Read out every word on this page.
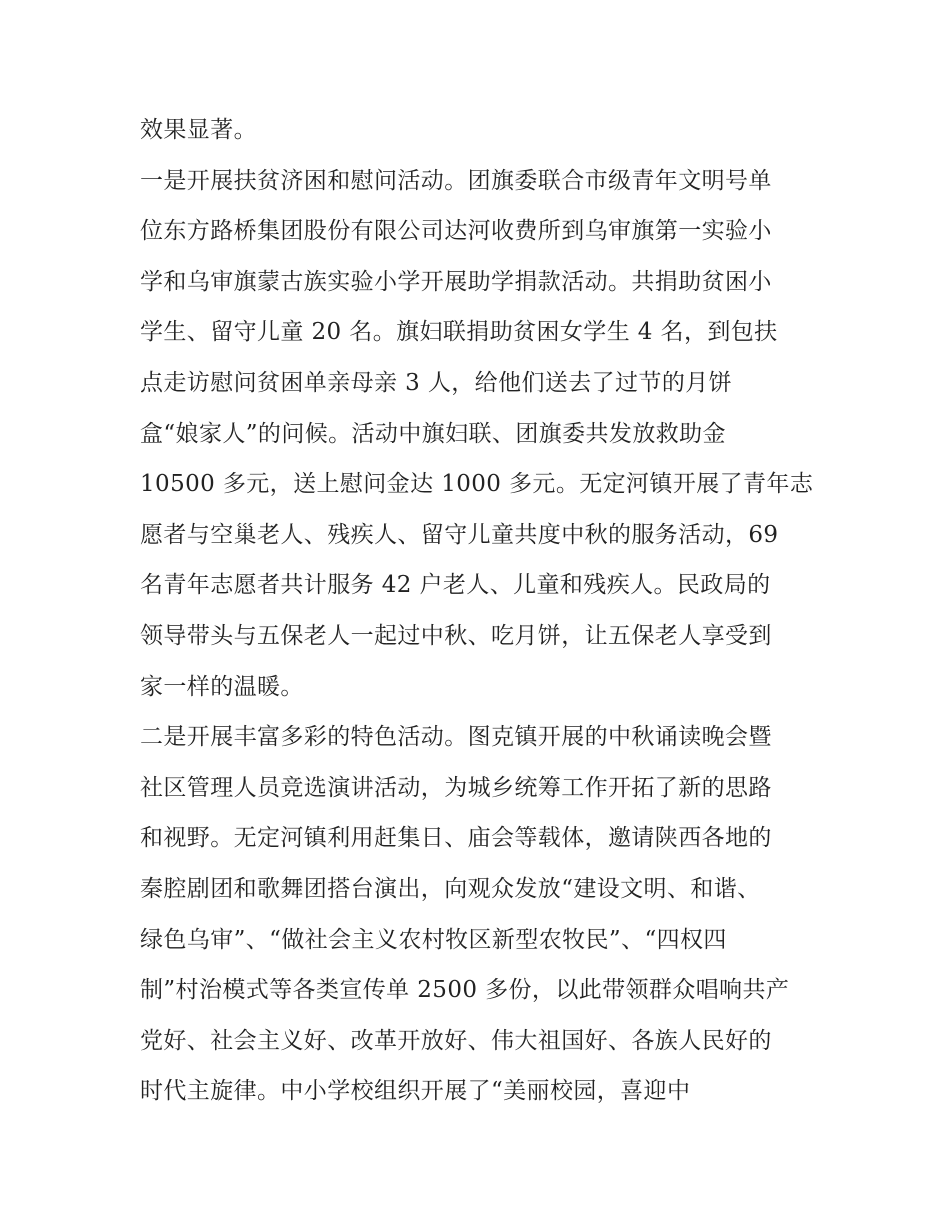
效果显著。
一是开展扶贫济困和慰问活动。团旗委联合市级青年文明号单
位东方路桥集团股份有限公司达河收费所到乌审旗第一实验小
学和乌审旗蒙古族实验小学开展助学捐款活动。共捐助贫困小
学生、留守儿童 20 名。旗妇联捐助贫困女学生 4 名，到包扶
点走访慰问贫困单亲母亲 3 人，给他们送去了过节的月饼
盒“娘家人”的问候。活动中旗妇联、团旗委共发放救助金
10500 多元，送上慰问金达 1000 多元。无定河镇开展了青年志
愿者与空巢老人、残疾人、留守儿童共度中秋的服务活动，69
名青年志愿者共计服务 42 户老人、儿童和残疾人。民政局的
领导带头与五保老人一起过中秋、吃月饼，让五保老人享受到
家一样的温暖。
二是开展丰富多彩的特色活动。图克镇开展的中秋诵读晚会暨
社区管理人员竞选演讲活动，为城乡统筹工作开拓了新的思路
和视野。无定河镇利用赶集日、庙会等载体，邀请陕西各地的
秦腔剧团和歌舞团搭台演出，向观众发放“建设文明、和谐、
绿色乌审”、“做社会主义农村牧区新型农牧民”、“四权四
制”村治模式等各类宣传单 2500 多份，以此带领群众唱响共产
党好、社会主义好、改革开放好、伟大祖国好、各族人民好的
时代主旋律。中小学校组织开展了“美丽校园，喜迎中
